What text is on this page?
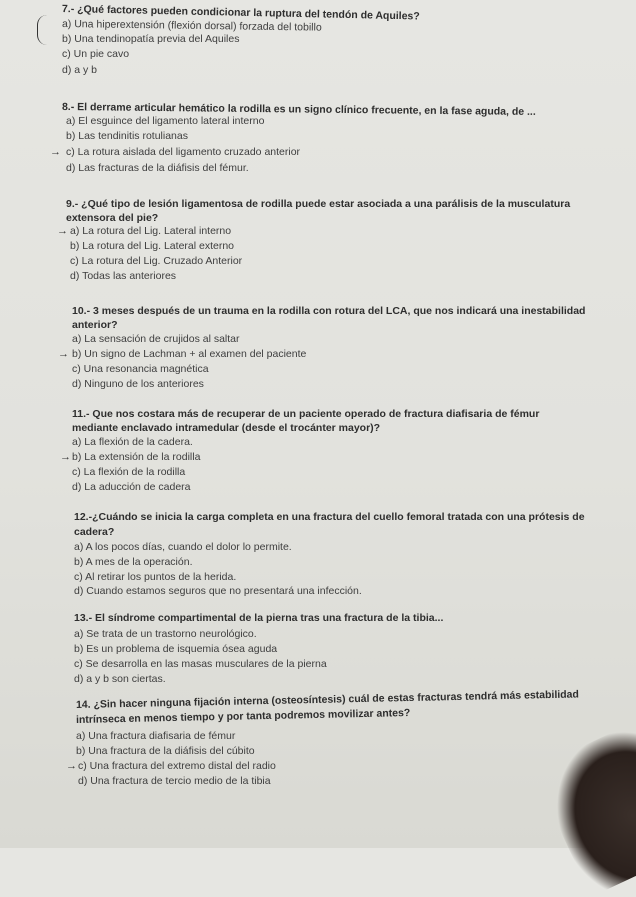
7.- ¿Qué factores pueden condicionar la ruptura del tendón de Aquiles?
a) Una hiperextensión (flexión dorsal) forzada del tobillo
b) Una tendinopatía previa del Aquiles
c) Un pie cavo
d) a y b
8.- El derrame articular hemático la rodilla es un signo clínico frecuente, en la fase aguda, de ...
a) El esguince del ligamento lateral interno
b) Las tendinitis rotulianas
→ c) La rotura aislada del ligamento cruzado anterior
d) Las fracturas de la diáfisis del fémur.
9.- ¿Qué tipo de lesión ligamentosa de rodilla puede estar asociada a una parálisis de la musculatura
extensora del pie?
→ a) La rotura del Lig. Lateral interno
b) La rotura del Lig. Lateral externo
c) La rotura del Lig. Cruzado Anterior
d) Todas las anteriores
10.- 3 meses después de un trauma en la rodilla con rotura del LCA, que nos indicará una inestabilidad
anterior?
a) La sensación de crujidos al saltar
→ b) Un signo de Lachman + al examen del paciente
c) Una resonancia magnética
d) Ninguno de los anteriores
11.- Que nos costara más de recuperar de un paciente operado de fractura diafisaria de fémur
mediante enclavado intramedular (desde el trocánter mayor)?
a) La flexión de la cadera.
→ b) La extensión de la rodilla
c) La flexión de la rodilla
d) La aducción de cadera
12.-¿Cuándo se inicia la carga completa en una fractura del cuello femoral tratada con una prótesis de
cadera?
a) A los pocos días, cuando el dolor lo permite.
b) A mes de la operación.
c) Al retirar los puntos de la herida.
d) Cuando estamos seguros que no presentará una infección.
13.- El síndrome compartimental de la pierna tras una fractura de la tibia...
a) Se trata de un trastorno neurológico.
b) Es un problema de isquemia ósea aguda
c) Se desarrolla en las masas musculares de la pierna
d) a y b son ciertas.
14. ¿Sin hacer ninguna fijación interna (osteosíntesis) cuál de estas fracturas tendrá más estabilidad
intrínseca en menos tiempo y por tanta podremos movilizar antes?
a) Una fractura diafisaria de fémur
b) Una fractura de la diáfisis del cúbito
→ c) Una fractura del extremo distal del radio
d) Una fractura de tercio medio de la tibia
